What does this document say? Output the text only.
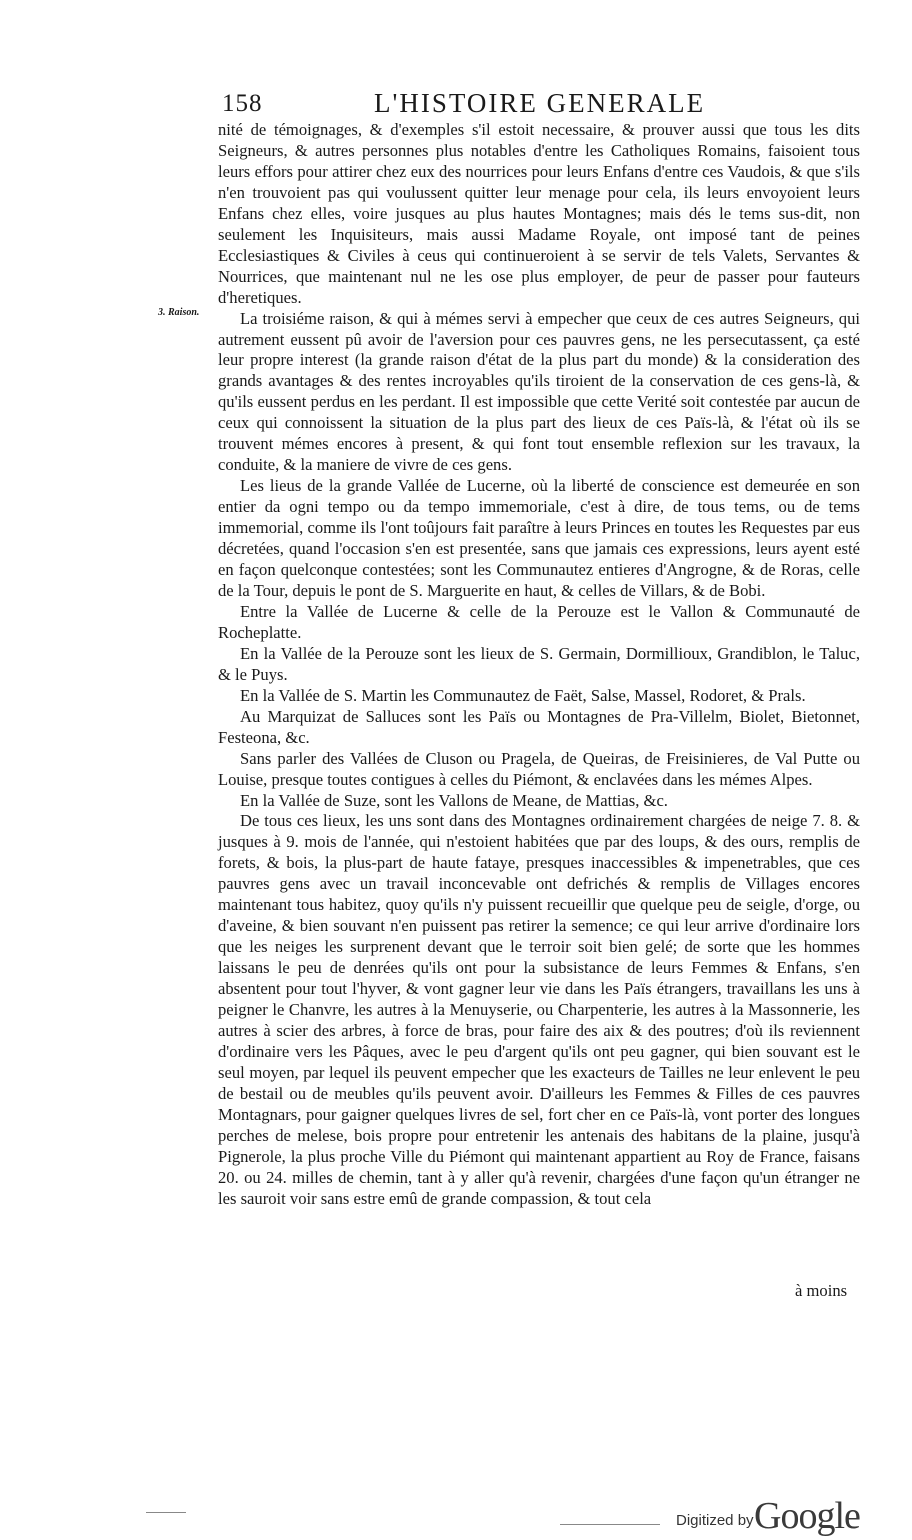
158	L'HISTOIRE GENERALE
3. Raison.

nité de témoignages, & d'exemples s'il estoit necessaire, & prouver aussi que tous les dits Seigneurs, & autres personnes plus notables d'entre les Catholiques Romains, faisoient tous leurs effors pour attirer chez eux des nourrices pour leurs Enfans d'entre ces Vaudois, & que s'ils n'en trouvoient pas qui voulussent quitter leur menage pour cela, ils leurs envoyoient leurs Enfans chez elles, voire jusques au plus hautes Montagnes; mais dés le tems sus-dit, non seulement les Inquisiteurs, mais aussi Madame Royale, ont imposé tant de peines Ecclesiastiques & Civiles à ceus qui continueroient à se servir de tels Valets, Servantes & Nourrices, que maintenant nul ne les ose plus employer, de peur de passer pour fauteurs d'heretiques.

La troisiéme raison, & qui à mémes servi à empecher que ceux de ces autres Seigneurs, qui autrement eussent pû avoir de l'aversion pour ces pauvres gens, ne les persecutassent, ça esté leur propre interest (la grande raison d'état de la plus part du monde) & la consideration des grands avantages & des rentes incroyables qu'ils tiroient de la conservation de ces gens-là, & qu'ils eussent perdus en les perdant. Il est impossible que cette Verité soit contestée par aucun de ceux qui connoissent la situation de la plus part des lieux de ces Païs-là, & l'état où ils se trouvent mémes encores à present, & qui font tout ensemble reflexion sur les travaux, la conduite, & la maniere de vivre de ces gens.

Les lieus de la grande Vallée de Lucerne, où la liberté de conscience est demeurée en son entier da ogni tempo ou da tempo immemoriale, c'est à dire, de tous tems, ou de tems immemorial, comme ils l'ont toûjours fait paraître à leurs Princes en toutes les Requestes par eus décretées, quand l'occasion s'en est presentée, sans que jamais ces expressions, leurs ayent esté en façon quelconque contestées; sont les Communautez entieres d'Angrogne, & de Roras, celle de la Tour, depuis le pont de S. Marguerite en haut, & celles de Villars, & de Bobi.

Entre la Vallée de Lucerne & celle de la Perouze est le Vallon & Communauté de Rocheplatte.

En la Vallée de la Perouze sont les lieux de S. Germain, Dormillioux, Grandiblon, le Taluc, & le Puys.

En la Vallée de S. Martin les Communautez de Faët, Salse, Massel, Rodoret, & Prals.

Au Marquizat de Salluces sont les Païs ou Montagnes de Pra-Villelm, Biolet, Bietonnet, Festeona, &c.

Sans parler des Vallées de Cluson ou Pragela, de Queiras, de Freisinieres, de Val Putte ou Louise, presque toutes contigues à celles du Piémont, & enclavées dans les mémes Alpes.

En la Vallée de Suze, sont les Vallons de Meane, de Mattias, &c.

De tous ces lieux, les uns sont dans des Montagnes ordinairement chargées de neige 7. 8. & jusques à 9. mois de l'année, qui n'estoient habitées que par des loups, & des ours, remplis de forets, & bois, la plus-part de haute fataye, presques inaccessibles & impenetrables, que ces pauvres gens avec un travail inconcevable ont defrichés & remplis de Villages encores maintenant tous habitez, quoy qu'ils n'y puissent recueillir que quelque peu de seigle, d'orge, ou d'aveine, & bien souvant n'en puissent pas retirer la semence; ce qui leur arrive d'ordinaire lors que les neiges les surprenent devant que le terroir soit bien gelé; de sorte que les hommes laissans le peu de denrées qu'ils ont pour la subsistance de leurs Femmes & Enfans, s'en absentent pour tout l'hyver, & vont gagner leur vie dans les Païs étrangers, travaillans les uns à peigner le Chanvre, les autres à la Menuyserie, ou Charpenterie, les autres à la Massonnerie, les autres à scier des arbres, à force de bras, pour faire des aix & des poutres; d'où ils reviennent d'ordinaire vers les Pâques, avec le peu d'argent qu'ils ont peu gagner, qui bien souvant est le seul moyen, par lequel ils peuvent empecher que les exacteurs de Tailles ne leur enlevent le peu de bestail ou de meubles qu'ils peuvent avoir. D'ailleurs les Femmes & Filles de ces pauvres Montagnars, pour gaigner quelques livres de sel, fort cher en ce Païs-là, vont porter des longues perches de melese, bois propre pour entretenir les antenais des habitans de la plaine, jusqu'à Pignerole, la plus proche Ville du Piémont qui maintenant appartient au Roy de France, faisans 20. ou 24. milles de chemin, tant à y aller qu'à revenir, chargées d'une façon qu'un étranger ne les sauroit voir sans estre emû de grande compassion, & tout cela

à moins
Digitized by Google
